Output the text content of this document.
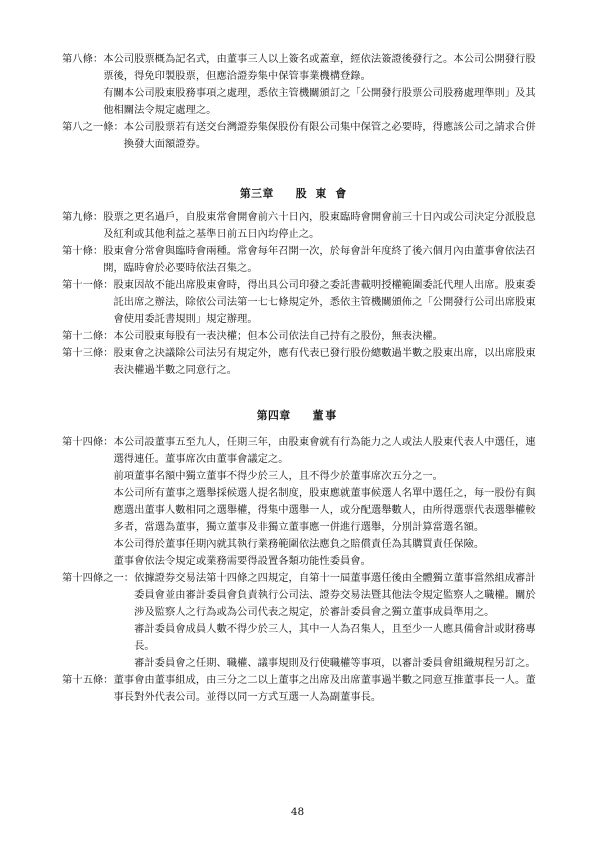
第八條： 本公司股票概為記名式，由董事三人以上簽名或蓋章，經依法簽證後發行之。本公司公開發行股票後，得免印製股票，但應洽證券集中保管事業機構登錄。

有關本公司股東股務事項之處理，悉依主管機關頒訂之「公開發行股票公司股務處理準則」及其他相關法令規定處理之。

第八之一條： 本公司股票若有送交台灣證券集保股份有限公司集中保管之必要時，得應該公司之請求合併換發大面額證券。

第三章 股東會
第九條： 股票之更名過戶，自股東常會開會前六十日內，股東臨時會開會前三十日內或公司決定分派股息及紅利或其他利益之基準日前五日內均停止之。

第十條： 股東會分常會與臨時會兩種。常會每年召開一次，於每會計年度終了後六個月內由董事會依法召開，臨時會於必要時依法召集之。

第十一條： 股東因故不能出席股東會時，得出具公司印發之委託書載明授權範圍委託代理人出席。股東委託出席之辦法，除依公司法第一七七條規定外，悉依主管機關頒佈之「公開發行公司出席股東會使用委託書規則」規定辦理。

第十二條： 本公司股東每股有一表決權；但本公司依法自己持有之股份，無表決權。

第十三條： 股東會之決議除公司法另有規定外，應有代表已發行股份總數過半數之股東出席，以出席股東表決權過半數之同意行之。

第四章 董事
第十四條： 本公司設董事五至九人，任期三年，由股東會就有行為能力之人或法人股東代表人中選任，連選得連任。董事席次由董事會議定之。

前項董事名額中獨立董事不得少於三人，且不得少於董事席次五分之一。

本公司所有董事之選舉採候選人提名制度，股東應就董事候選人名單中選任之，每一股份有與應選出董事人數相同之選舉權，得集中選舉一人，或分配選舉數人，由所得選票代表選舉權較多者，當選為董事，獨立董事及非獨立董事應一併進行選舉，分別計算當選名額。

本公司得於董事任期內就其執行業務範圍依法應負之賠償責任為其購買責任保險。

董事會依法令規定或業務需要得設置各類功能性委員會。

第十四條之一： 依據證券交易法第十四條之四規定，自第十一屆董事選任後由全體獨立董事當然組成審計委員會並由審計委員會負責執行公司法、證券交易法暨其他法令規定監察人之職權。關於涉及監察人之行為或為公司代表之規定，於審計委員會之獨立董事成員準用之。

審計委員會成員人數不得少於三人，其中一人為召集人，且至少一人應具備會計或財務專長。

審計委員會之任期、職權、議事規則及行使職權等事項，以審計委員會組織規程另訂之。

第十五條： 董事會由董事組成，由三分之二以上董事之出席及出席董事過半數之同意互推董事長一人。董事長對外代表公司。並得以同一方式互選一人為副董事長。

48
